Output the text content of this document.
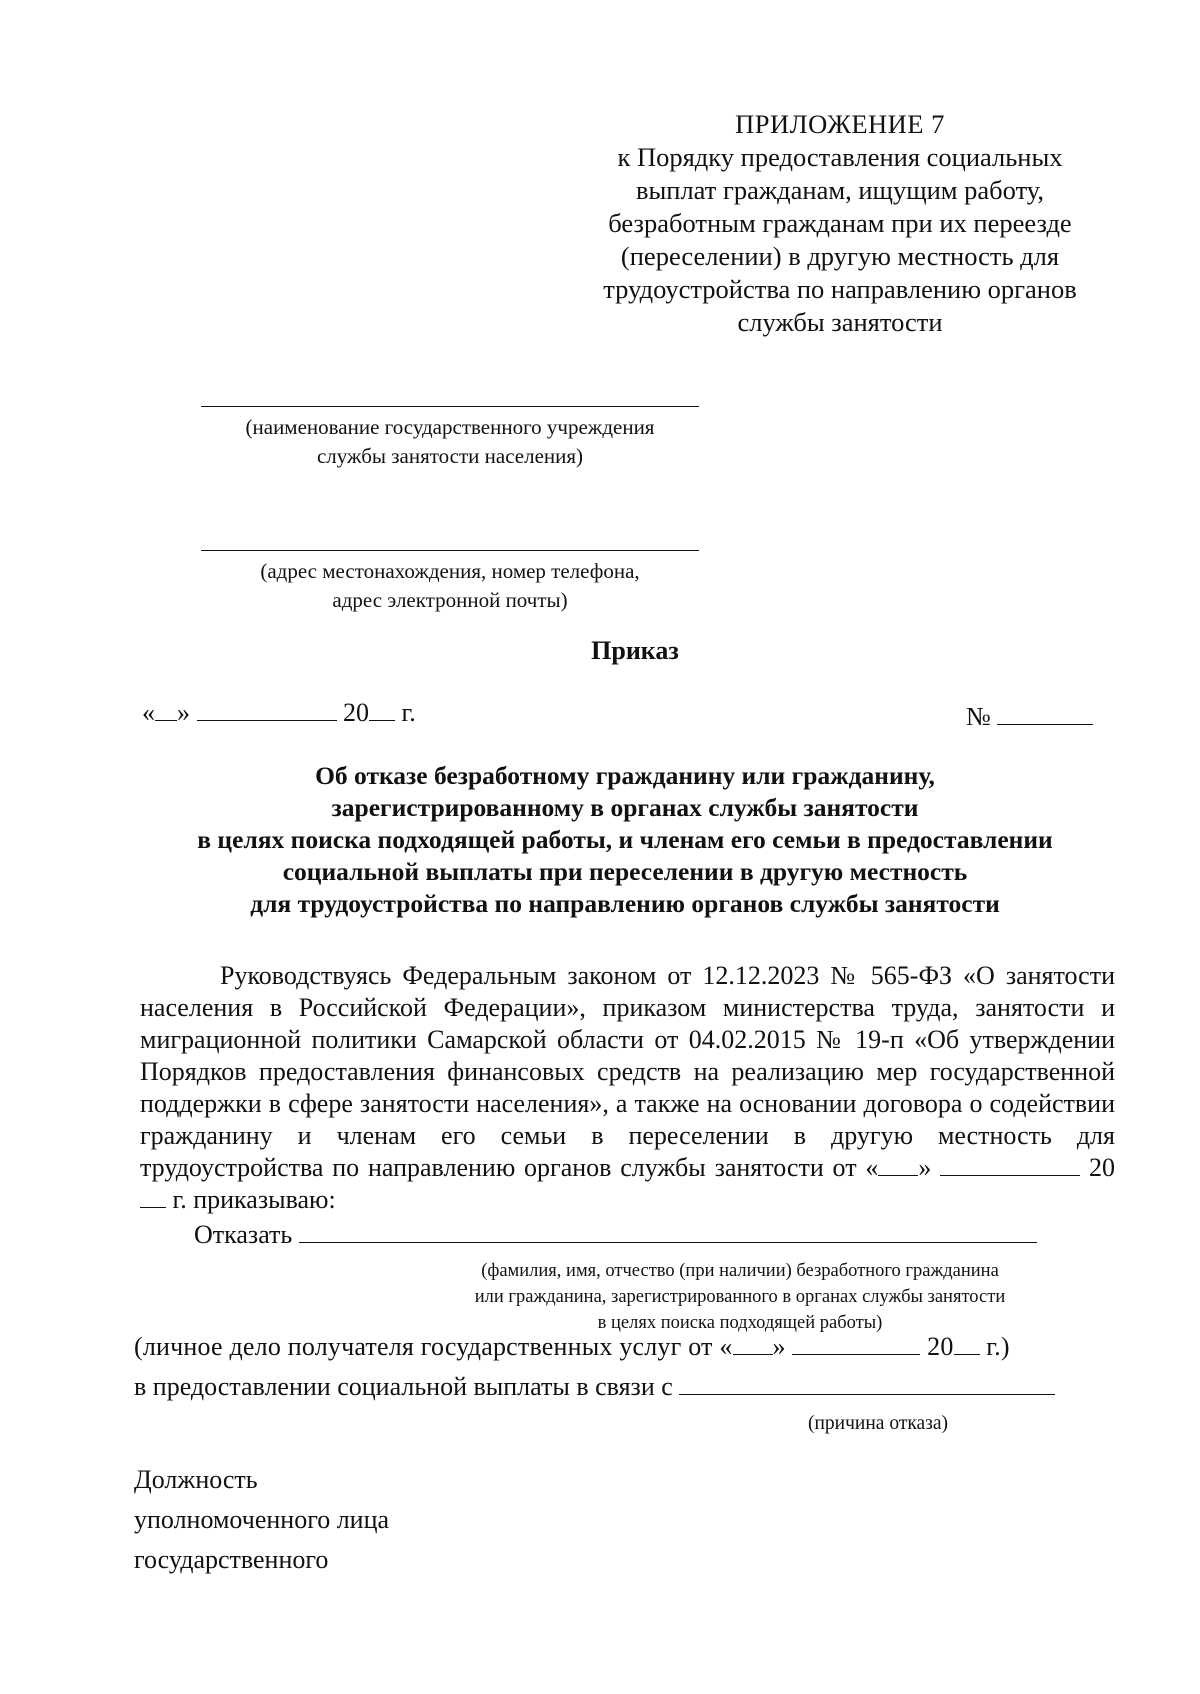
ПРИЛОЖЕНИЕ 7
к Порядку предоставления социальных
выплат гражданам, ищущим работу,
безработным гражданам при их переезде
(переселении) в другую местность для
трудоустройства по направлению органов
службы занятости
(наименование государственного учреждения
службы занятости населения)
(адрес местонахождения, номер телефона,
адрес электронной почты)
Приказ
« »	20 г.	№
Об отказе безработному гражданину или гражданину,
зарегистрированному в органах службы занятости
в целях поиска подходящей работы, и членам его семьи в предоставлении
социальной выплаты при переселении в другую местность
для трудоустройства по направлению органов службы занятости
Руководствуясь Федеральным законом от 12.12.2023 № 565-ФЗ «О занятости населения в Российской Федерации», приказом министерства труда, занятости и миграционной политики Самарской области от 04.02.2015 № 19-п «Об утверждении Порядков предоставления финансовых средств на реализацию мер государственной поддержки в сфере занятости населения», а также на основании договора о содействии гражданину и членам его семьи в переселении в другую местность для трудоустройства по направлению органов службы занятости от « »	20 г. приказываю:
Отказать
(фамилия, имя, отчество (при наличии) безработного гражданина
или гражданина, зарегистрированного в органах службы занятости
в целях поиска подходящей работы)
(личное дело получателя государственных услуг от « »	20 г.)
в предоставлении социальной выплаты в связи с
(причина отказа)
Должность
уполномоченного лица
государственного
